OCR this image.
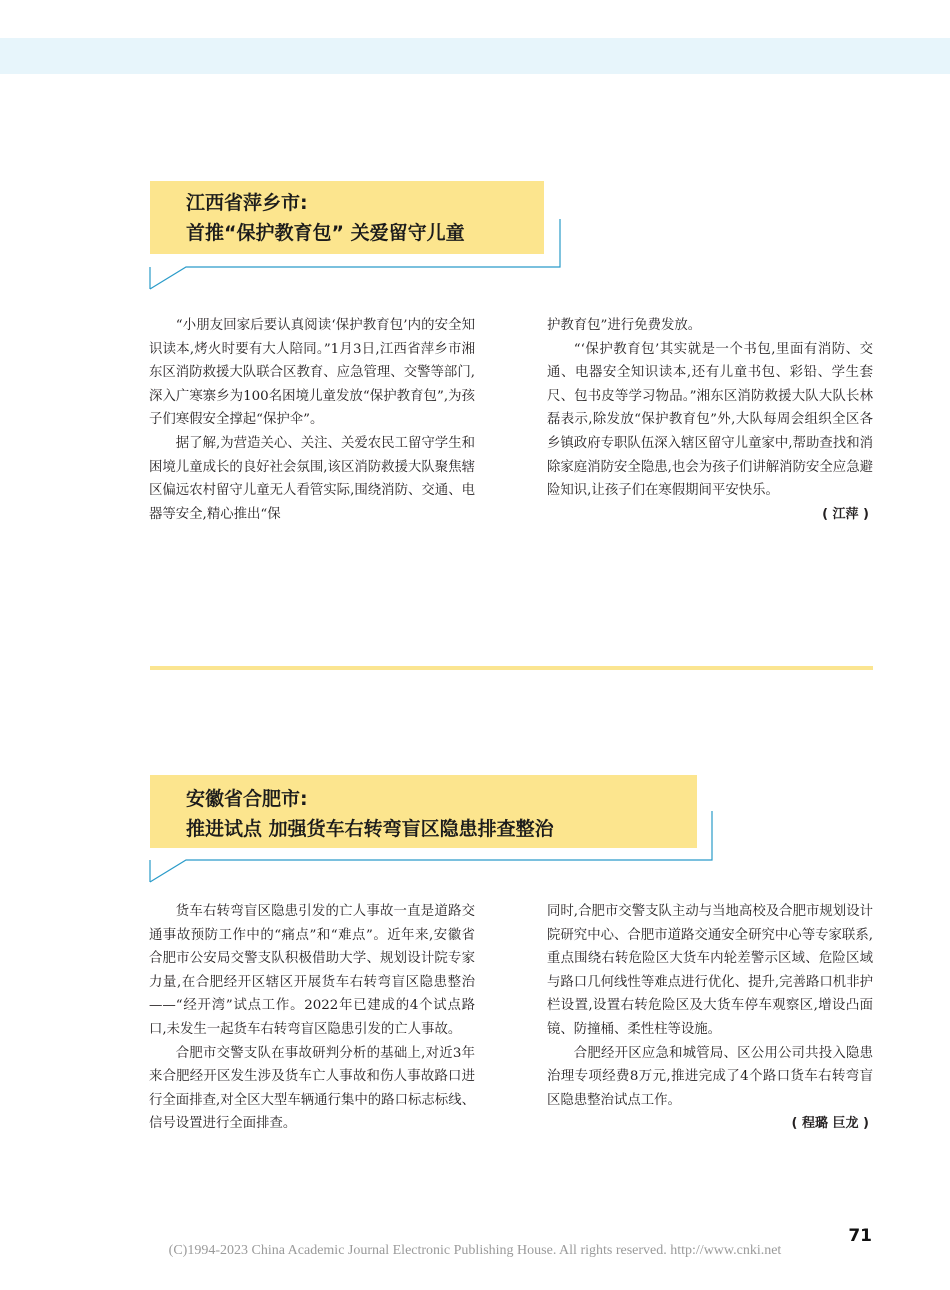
江西省萍乡市:
首推“保护教育包” 关爱留守儿童

“小朋友回家后要认真阅读‘保护教育包’内的安全知识读本,烤火时要有大人陪同。”1月3日,江西省萍乡市湘东区消防救援大队联合区教育、应急管理、交警等部门,深入广寒寨乡为100名困境儿童发放“保护教育包”,为孩子们寒假安全撑起“保护伞”。

据了解,为营造关心、关注、关爱农民工留守学生和困境儿童成长的良好社会氛围,该区消防救援大队聚焦辖区偏远农村留守儿童无人看管实际,围绕消防、交通、电器等安全,精心推出“保

护教育包”进行免费发放。

“‘保护教育包’其实就是一个书包,里面有消防、交通、电器安全知识读本,还有儿童书包、彩铅、学生套尺、包书皮等学习物品。”湘东区消防救援大队大队长林磊表示,除发放“保护教育包”外,大队每周会组织全区各乡镇政府专职队伍深入辖区留守儿童家中,帮助查找和消除家庭消防安全隐患,也会为孩子们讲解消防安全应急避险知识,让孩子们在寒假期间平安快乐。

( 江萍 )

安徽省合肥市:
推进试点 加强货车右转弯盲区隐患排查整治

货车右转弯盲区隐患引发的亡人事故一直是道路交通事故预防工作中的“痛点”和“难点”。近年来,安徽省合肥市公安局交警支队积极借助大学、规划设计院专家力量,在合肥经开区辖区开展货车右转弯盲区隐患整治——“经开湾”试点工作。2022年已建成的4个试点路口,未发生一起货车右转弯盲区隐患引发的亡人事故。

合肥市交警支队在事故研判分析的基础上,对近3年来合肥经开区发生涉及货车亡人事故和伤人事故路口进行全面排查,对全区大型车辆通行集中的路口标志标线、信号设置进行全面排查。

同时,合肥市交警支队主动与当地高校及合肥市规划设计院研究中心、合肥市道路交通安全研究中心等专家联系,重点围绕右转危险区大货车内轮差警示区域、危险区域与路口几何线性等难点进行优化、提升,完善路口机非护栏设置,设置右转危险区及大货车停车观察区,增设凸面镜、防撞桶、柔性柱等设施。

合肥经开区应急和城管局、区公用公司共投入隐患治理专项经费8万元,推进完成了4个路口货车右转弯盲区隐患整治试点工作。

( 程璐 巨龙 )

71
(C)1994-2023 China Academic Journal Electronic Publishing House. All rights reserved. http://www.cnki.net
